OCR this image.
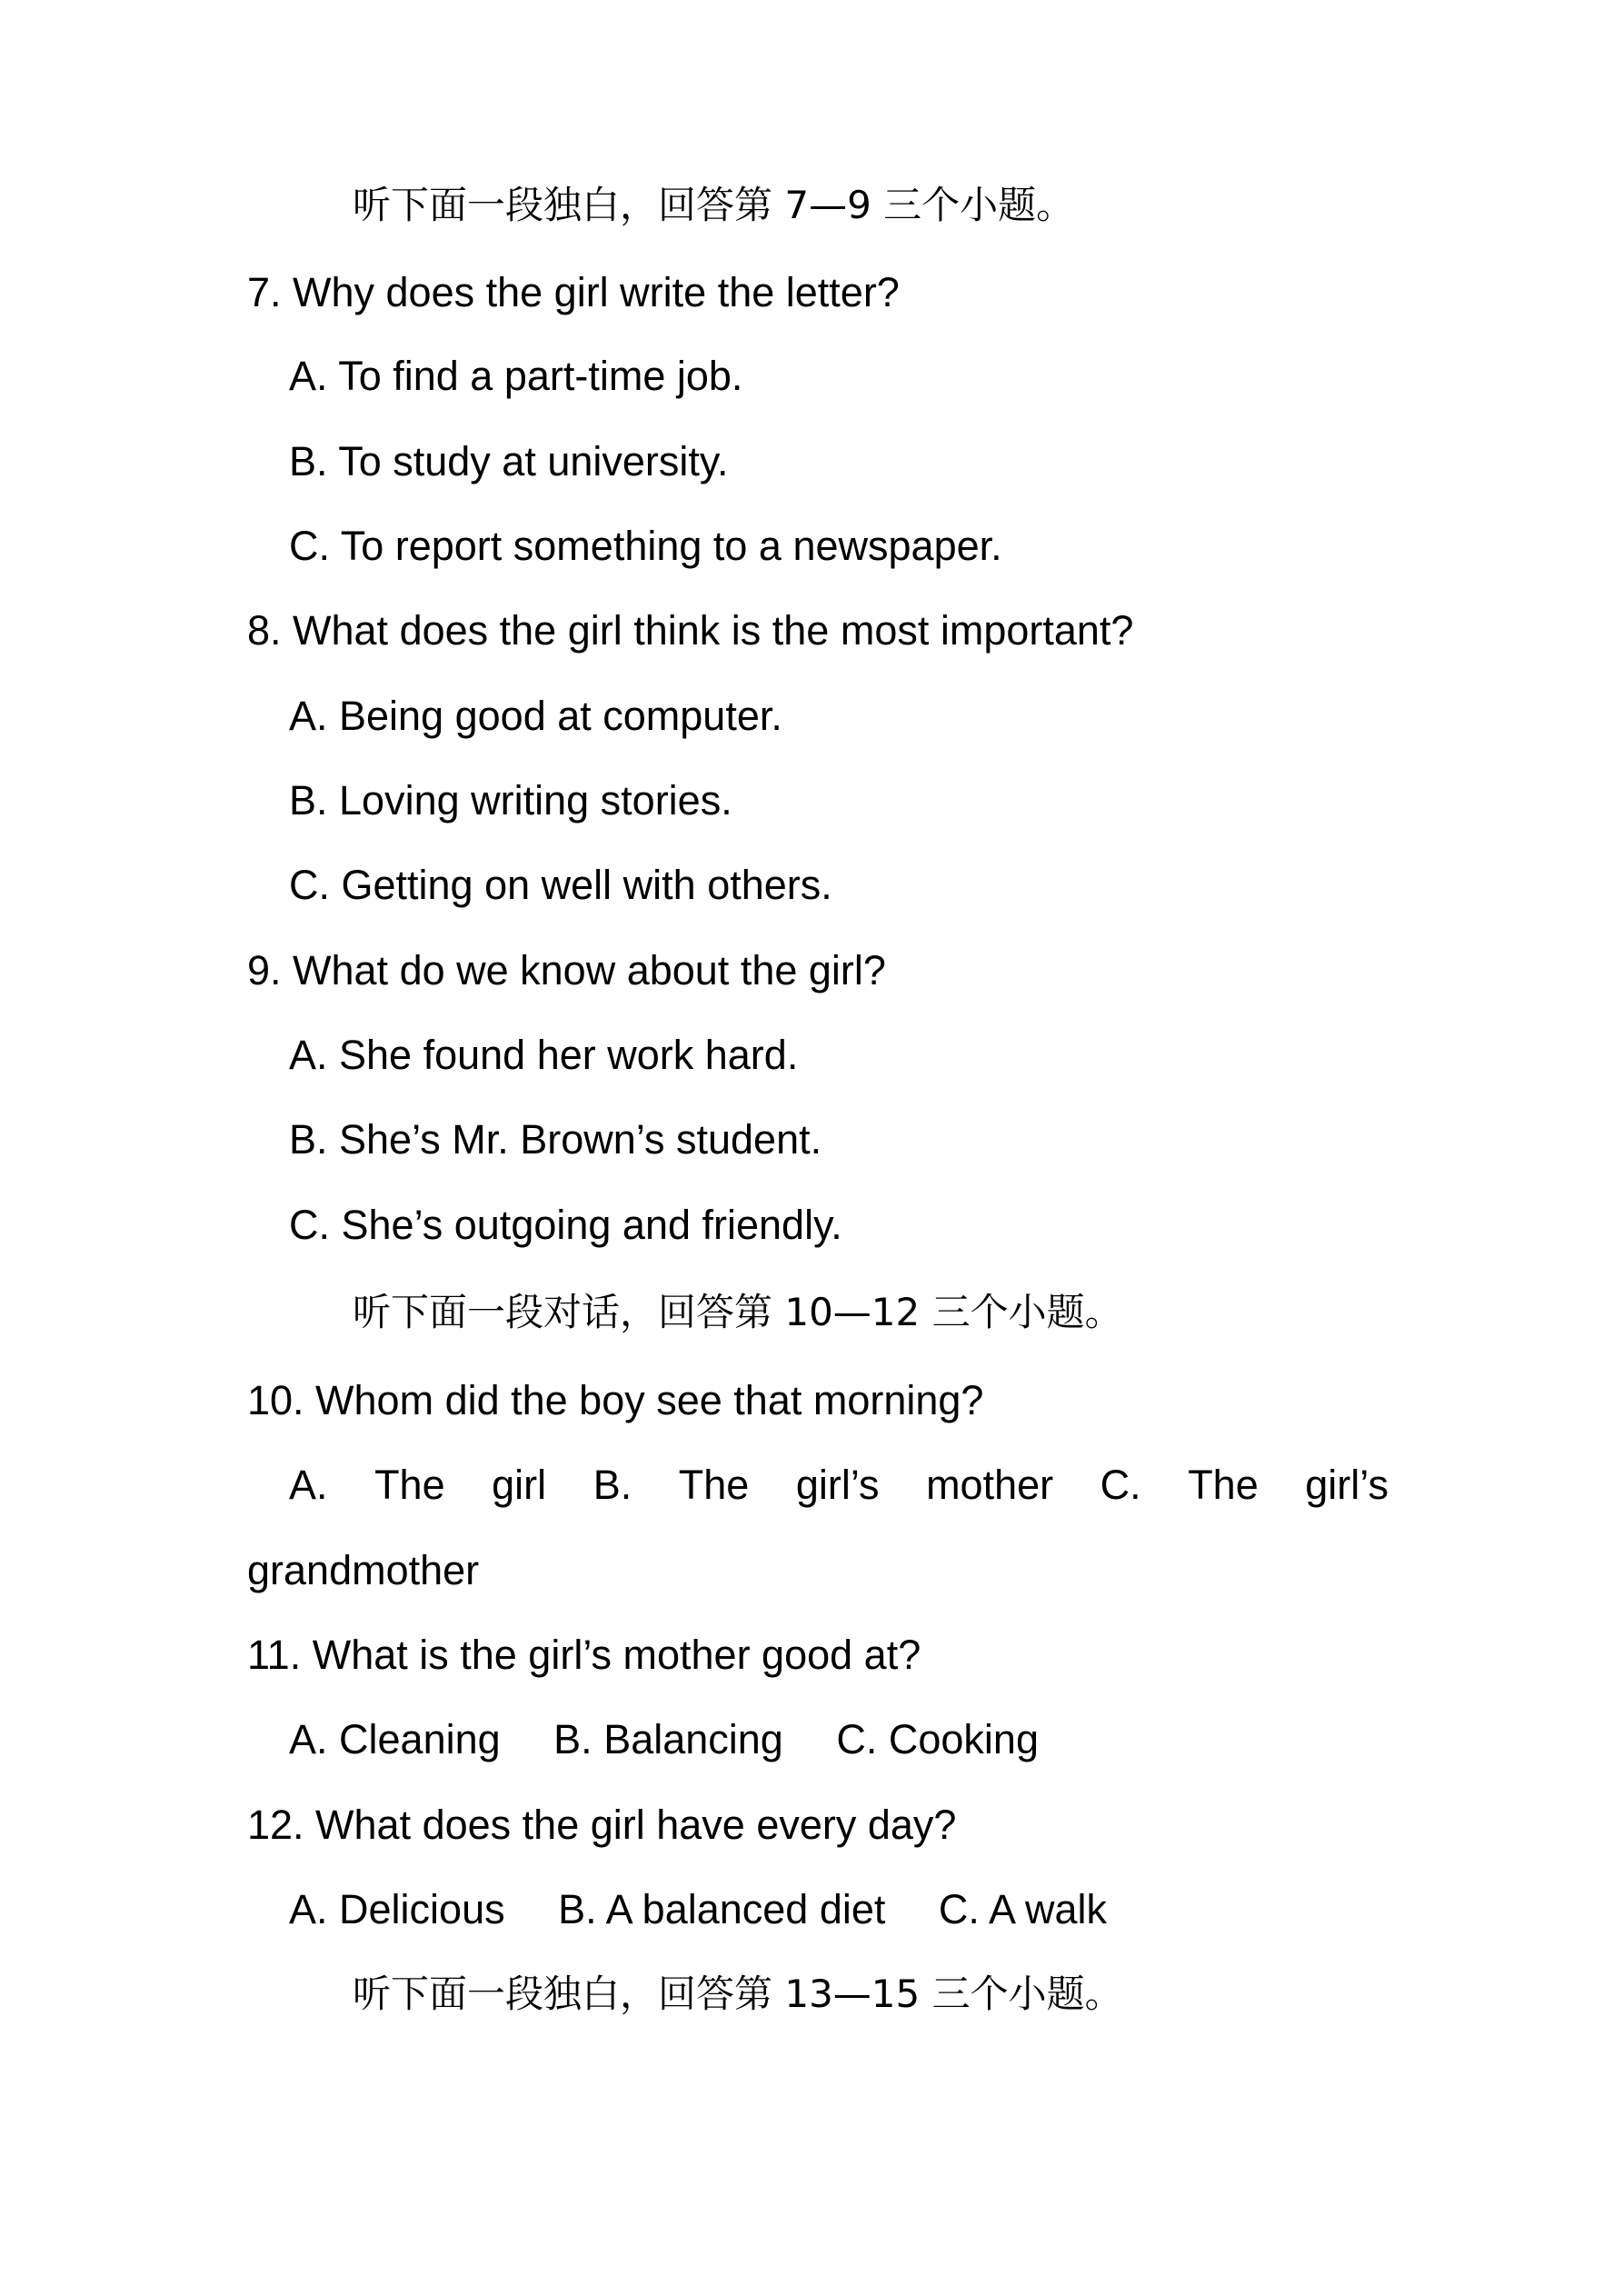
听下面一段独白，回答第 7—9 三个小题。
7. Why does the girl write the letter?
A. To find a part-time job.
B. To study at university.
C. To report something to a newspaper.
8. What does the girl think is the most important?
A. Being good at computer.
B. Loving writing stories.
C. Getting on well with others.
9. What do we know about the girl?
A. She found her work hard.
B. She’s Mr. Brown’s student.
C. She’s outgoing and friendly.
听下面一段对话，回答第 10—12 三个小题。
10. Whom did the boy see that morning?
A. The girl B. The girl’s mother C. The girl’s
grandmother
11. What is the girl’s mother good at?
A. Cleaning B. Balancing C. Cooking
12. What does the girl have every day?
A. Delicious B. A balanced diet C. A walk
听下面一段独白，回答第 13—15 三个小题。
